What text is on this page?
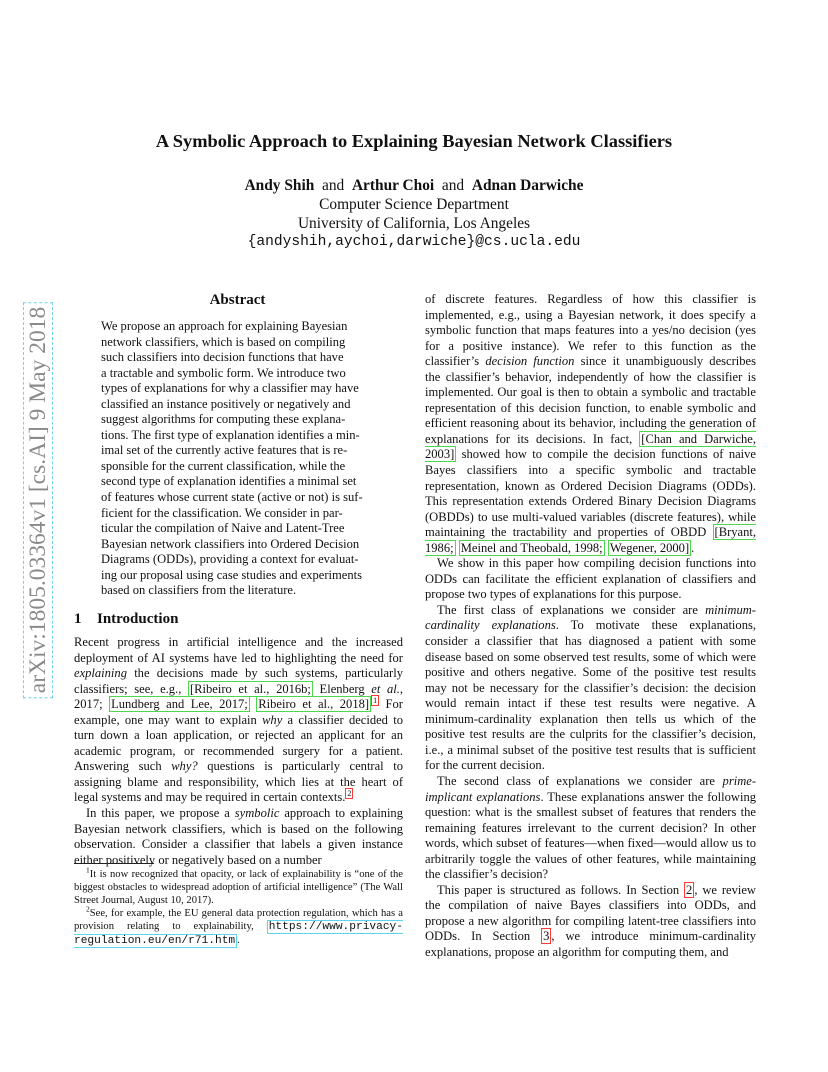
arXiv:1805.03364v1 [cs.AI] 9 May 2018
A Symbolic Approach to Explaining Bayesian Network Classifiers
Andy Shih and Arthur Choi and Adnan Darwiche
Computer Science Department
University of California, Los Angeles
{andyshih,aychoi,darwiche}@cs.ucla.edu
Abstract
We propose an approach for explaining Bayesian
network classifiers, which is based on compiling
such classifiers into decision functions that have
a tractable and symbolic form. We introduce two
types of explanations for why a classifier may have
classified an instance positively or negatively and
suggest algorithms for computing these explana-
tions. The first type of explanation identifies a min-
imal set of the currently active features that is re-
sponsible for the current classification, while the
second type of explanation identifies a minimal set
of features whose current state (active or not) is suf-
ficient for the classification. We consider in par-
ticular the compilation of Naive and Latent-Tree
Bayesian network classifiers into Ordered Decision
Diagrams (ODDs), providing a context for evaluat-
ing our proposal using case studies and experiments
based on classifiers from the literature.
1 Introduction

Recent progress in artificial intelligence and the increased deployment of AI systems have led to highlighting the need for explaining the decisions made by such systems, particularly classifiers; see, e.g., [Ribeiro et al., 2016b; Elenberg et al., 2017; Lundberg and Lee, 2017; Ribeiro et al., 2018] $^1$ For example, one may want to explain why a classifier decided to turn down a loan application, or rejected an applicant for an academic program, or recommended surgery for a patient. Answering such why? questions is particularly central to assigning blame and responsibility, which lies at the heart of legal systems and may be required in certain contexts. $^2$

In this paper, we propose a symbolic approach to explaining Bayesian network classifiers, which is based on the following observation. Consider a classifier that labels a given instance either positively or negatively based on a number

$^1$It is now recognized that opacity, or lack of explainability is “one of the biggest obstacles to widespread adoption of artificial intelligence” (The Wall Street Journal, August 10, 2017).

$^2$See, for example, the EU general data protection regulation, which has a provision relating to explainability, https://www.privacy-regulation.eu/en/r71.htm .

of discrete features. Regardless of how this classifier is implemented, e.g., using a Bayesian network, it does specify a symbolic function that maps features into a yes/no decision (yes for a positive instance). We refer to this function as the classifier’s decision function since it unambiguously describes the classifier’s behavior, independently of how the classifier is implemented. Our goal is then to obtain a symbolic and tractable representation of this decision function, to enable symbolic and efficient reasoning about its behavior, including the generation of explanations for its decisions. In fact, [Chan and Darwiche, 2003] showed how to compile the decision functions of naive Bayes classifiers into a specific symbolic and tractable representation, known as Ordered Decision Diagrams (ODDs). This representation extends Ordered Binary Decision Diagrams (OBDDs) to use multi-valued variables (discrete features), while maintaining the tractability and properties of OBDD [Bryant, 1986; Meinel and Theobald, 1998; Wegener, 2000] .

We show in this paper how compiling decision functions into ODDs can facilitate the efficient explanation of classifiers and propose two types of explanations for this purpose.

The first class of explanations we consider are minimum-cardinality explanations. To motivate these explanations, consider a classifier that has diagnosed a patient with some disease based on some observed test results, some of which were positive and others negative. Some of the positive test results may not be necessary for the classifier’s decision: the decision would remain intact if these test results were negative. A minimum-cardinality explanation then tells us which of the positive test results are the culprits for the classifier’s decision, i.e., a minimal subset of the positive test results that is sufficient for the current decision.

The second class of explanations we consider are prime-implicant explanations. These explanations answer the following question: what is the smallest subset of features that renders the remaining features irrelevant to the current decision? In other words, which subset of features—when fixed—would allow us to arbitrarily toggle the values of other features, while maintaining the classifier’s decision?

This paper is structured as follows. In Section 2 , we review the compilation of naive Bayes classifiers into ODDs, and propose a new algorithm for compiling latent-tree classifiers into ODDs. In Section 3 , we introduce minimum-cardinality explanations, propose an algorithm for computing them, and
